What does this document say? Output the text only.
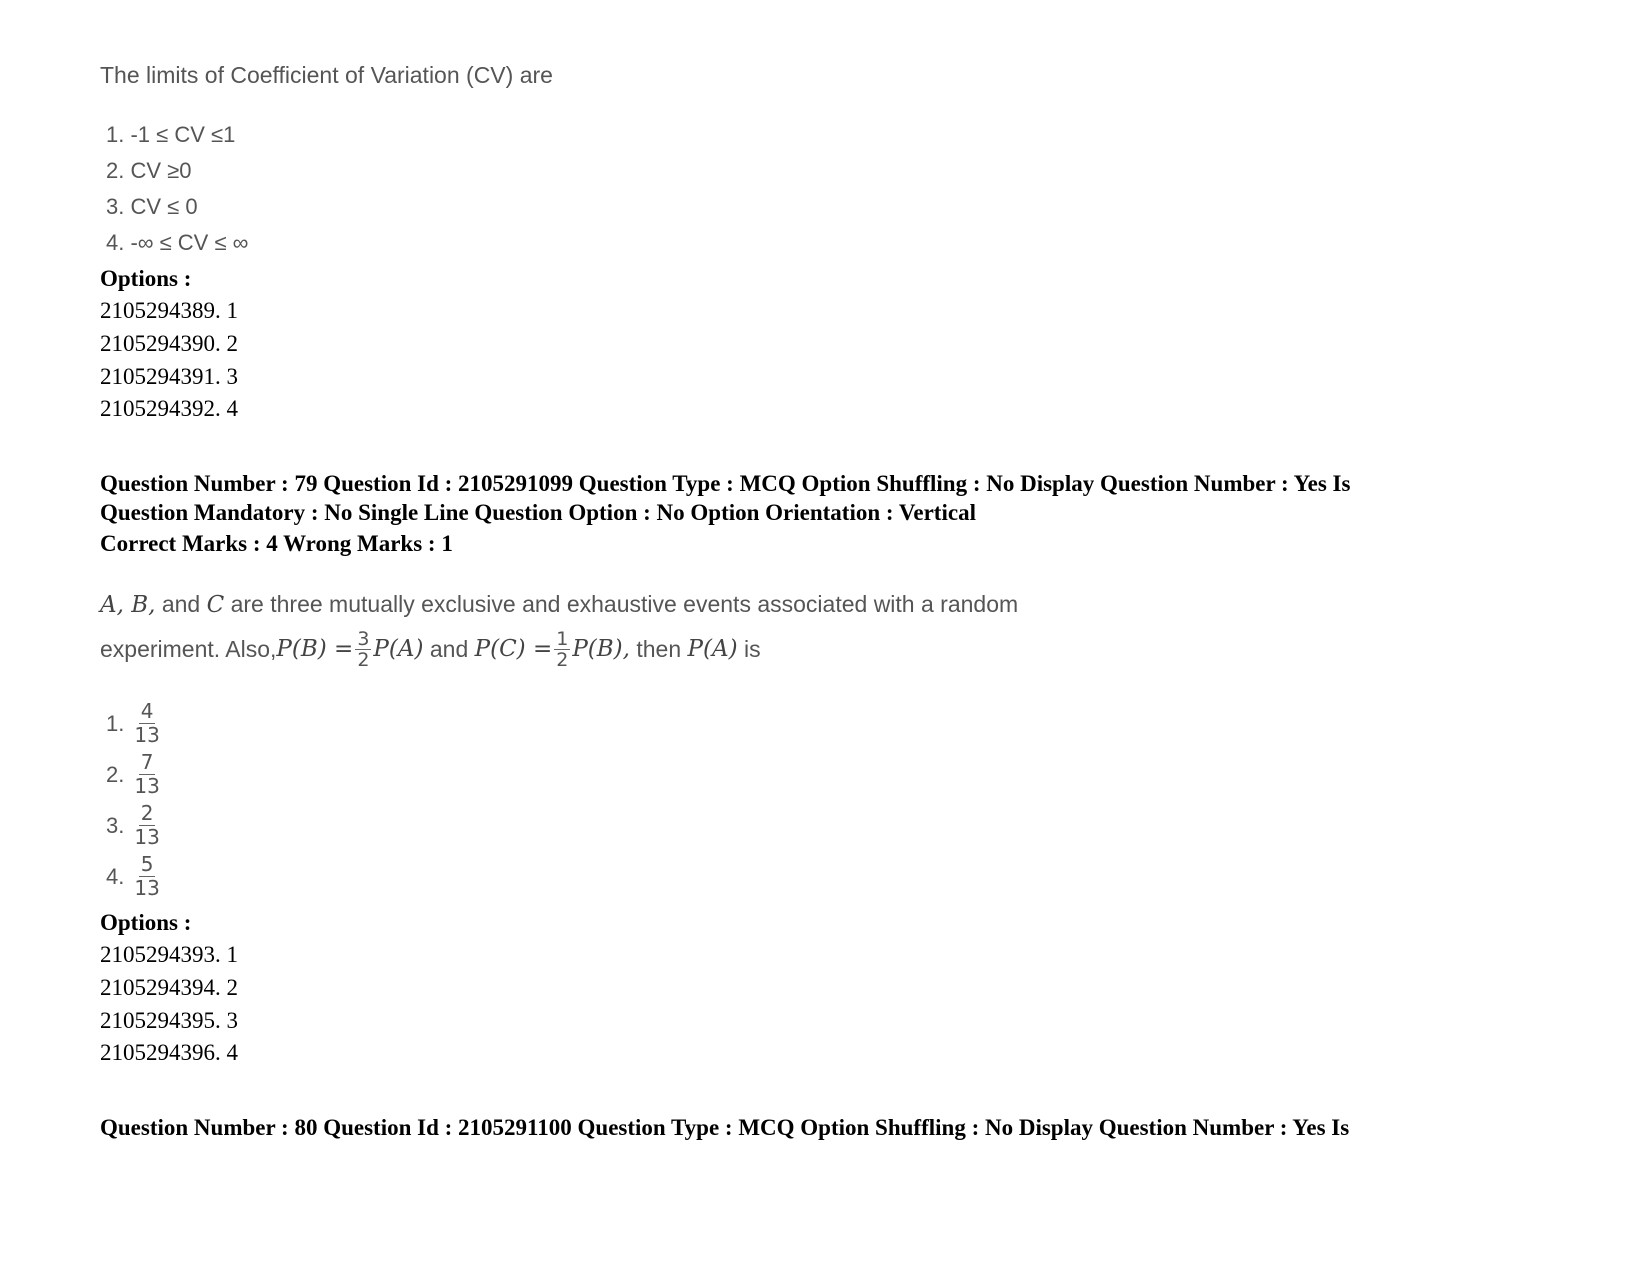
The limits of Coefficient of Variation (CV) are
1. -1 ≤ CV ≤1
2. CV ≥0
3. CV ≤ 0
4. -∞ ≤ CV ≤ ∞
Options :
2105294389. 1
2105294390. 2
2105294391. 3
2105294392. 4
Question Number : 79 Question Id : 2105291099 Question Type : MCQ Option Shuffling : No Display Question Number : Yes Is
Question Mandatory : No Single Line Question Option : No Option Orientation : Vertical
Correct Marks : 4 Wrong Marks : 1
A, B, and C are three mutually exclusive and exhaustive events associated with a random
experiment. Also, $P(B) = \frac{3}{2} P(A)$ and $P(C) = \frac{1}{2} P(B)$, then P(A) is
1. $\frac{4}{13}$
2. $\frac{7}{13}$
3. $\frac{2}{13}$
4. $\frac{5}{13}$
Options :
2105294393. 1
2105294394. 2
2105294395. 3
2105294396. 4
Question Number : 80 Question Id : 2105291100 Question Type : MCQ Option Shuffling : No Display Question Number : Yes Is
